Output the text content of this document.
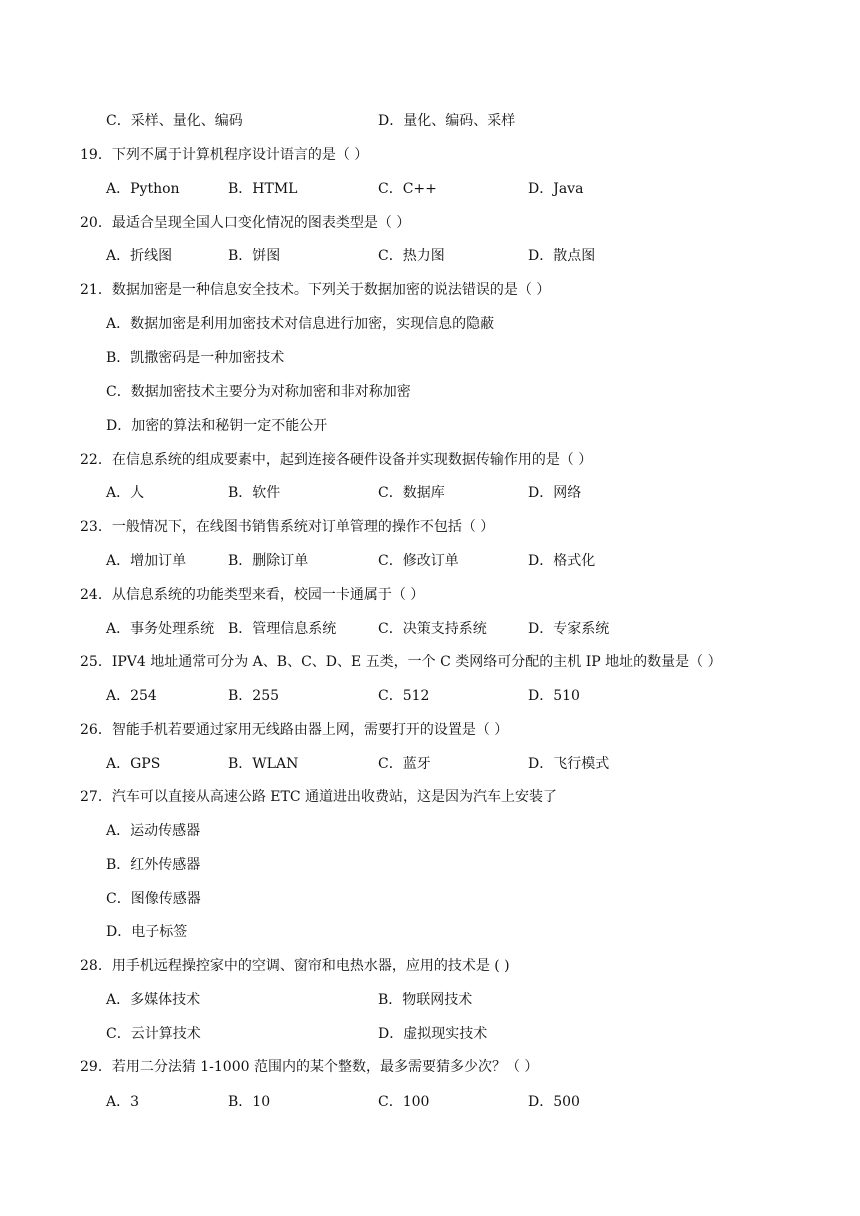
C．采样、量化、编码	D．量化、编码、采样
19．下列不属于计算机程序设计语言的是（ ）
A．Python	B．HTML	C．C++	D．Java
20．最适合呈现全国人口变化情况的图表类型是（ ）
A．折线图	B．饼图	C．热力图	D．散点图
21．数据加密是一种信息安全技术。下列关于数据加密的说法错误的是（ ）
A．数据加密是利用加密技术对信息进行加密，实现信息的隐蔽
B．凯撒密码是一种加密技术
C．数据加密技术主要分为对称加密和非对称加密
D．加密的算法和秘钥一定不能公开
22．在信息系统的组成要素中，起到连接各硬件设备并实现数据传输作用的是（ ）
A．人	B．软件	C．数据库	D．网络
23．一般情况下，在线图书销售系统对订单管理的操作不包括（ ）
A．增加订单	B．删除订单	C．修改订单	D．格式化
24．从信息系统的功能类型来看，校园一卡通属于（ ）
A．事务处理系统 B．管理信息系统	C．决策支持系统	D．专家系统
25．IPV4 地址通常可分为 A、B、C、D、E 五类，一个 C 类网络可分配的主机 IP 地址的数量是（ ）
A．254	B．255	C．512	D．510
26．智能手机若要通过家用无线路由器上网，需要打开的设置是（ ）
A．GPS	B．WLAN	C．蓝牙	D．飞行模式
27．汽车可以直接从高速公路 ETC 通道进出收费站，这是因为汽车上安装了
A．运动传感器
B．红外传感器
C．图像传感器
D．电子标签
28．用手机远程操控家中的空调、窗帘和电热水器，应用的技术是 ( )
A．多媒体技术	B．物联网技术
C．云计算技术	D．虚拟现实技术
29．若用二分法猜 1-1000 范围内的某个整数，最多需要猜多少次？（ ）
A．3	B．10	C．100	D．500
